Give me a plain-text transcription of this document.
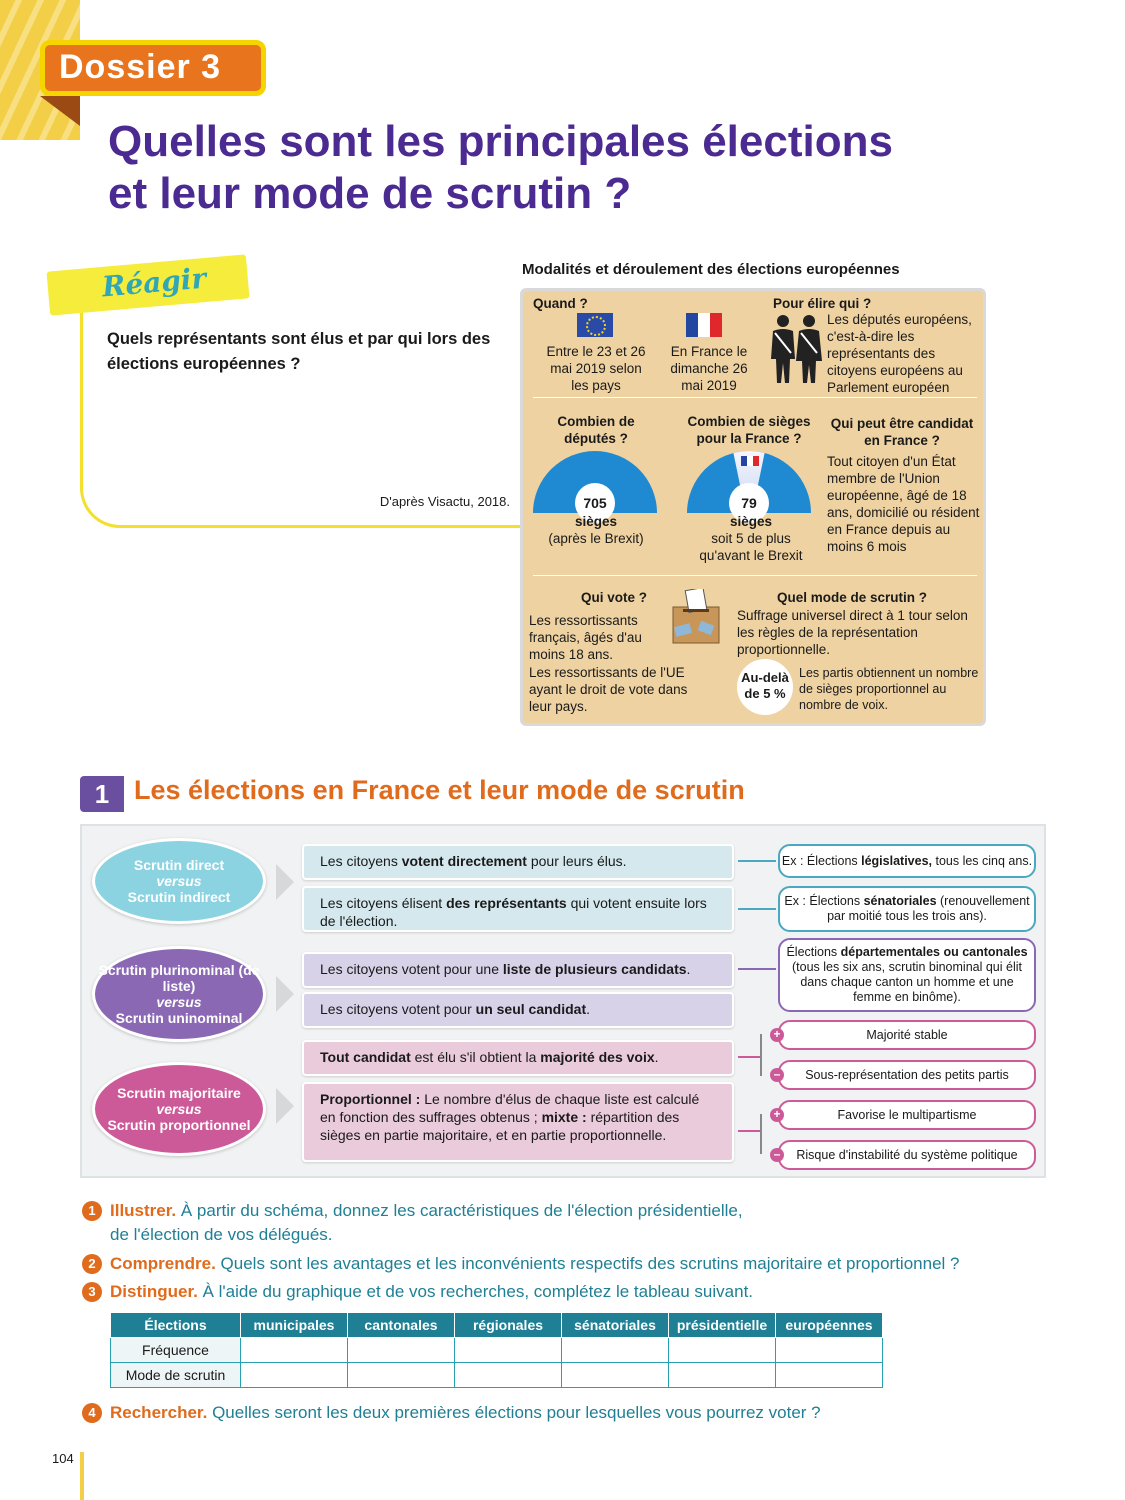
Dossier 3
Quelles sont les principales élections
et leur mode de scrutin ?
Réagir
Quels représentants sont élus et par qui lors des élections européennes ?
D'après Visactu, 2018.
Modalités et déroulement des élections européennes
Quand ?
Entre le 23 et 26 mai 2019 selon les pays
En France le dimanche 26 mai 2019
Pour élire qui ?
Les députés européens, c'est-à-dire les représentants des citoyens européens au Parlement européen
Combien de députés ?
705
sièges
(après le Brexit)
Combien de sièges pour la France ?
79
sièges
soit 5 de plus qu'avant le Brexit
Qui peut être candidat en France ?
Tout citoyen d'un État membre de l'Union européenne, âgé de 18 ans, domicilié ou résident en France depuis au moins 6 mois
Qui vote ?
Les ressortissants français, âgés d'au moins 18 ans.
Les ressortissants de l'UE ayant le droit de vote dans leur pays.
Quel mode de scrutin ?
Suffrage universel direct à 1 tour selon les règles de la représentation proportionnelle.
Au-delà
de 5 %
Les partis obtiennent un nombre de sièges proportionnel au nombre de voix.
1 Les élections en France et leur mode de scrutin
Scrutin direct
versus
Scrutin indirect
Les citoyens votent directement pour leurs élus.
Les citoyens élisent des représentants qui votent ensuite lors de l'élection.
Ex : Élections législatives, tous les cinq ans.
Ex : Élections sénatoriales (renouvellement par moitié tous les trois ans).
Scrutin plurinominal (de liste)
versus
Scrutin uninominal
Les citoyens votent pour une liste de plusieurs candidats.
Les citoyens votent pour un seul candidat.
Élections départementales ou cantonales (tous les six ans, scrutin binominal qui élit dans chaque canton un homme et une femme en binôme).
Scrutin majoritaire
versus
Scrutin proportionnel
Tout candidat est élu s'il obtient la majorité des voix.
Proportionnel : Le nombre d'élus de chaque liste est calculé en fonction des suffrages obtenus ; mixte : répartition des sièges en partie majoritaire, et en partie proportionnelle.
Majorité stable
Sous-représentation des petits partis
Favorise le multipartisme
Risque d'instabilité du système politique
+
–
+
–
1 Illustrer. À partir du schéma, donnez les caractéristiques de l'élection présidentielle,
de l'élection de vos délégués.
2 Comprendre. Quels sont les avantages et les inconvénients respectifs des scrutins majoritaire et proportionnel ?
3 Distinguer. À l'aide du graphique et de vos recherches, complétez le tableau suivant.
Élections	municipales	cantonales	régionales	sénatoriales	présidentielle	européennes
Fréquence						
Mode de scrutin						
4 Rechercher. Quelles seront les deux premières élections pour lesquelles vous pourrez voter ?
104
